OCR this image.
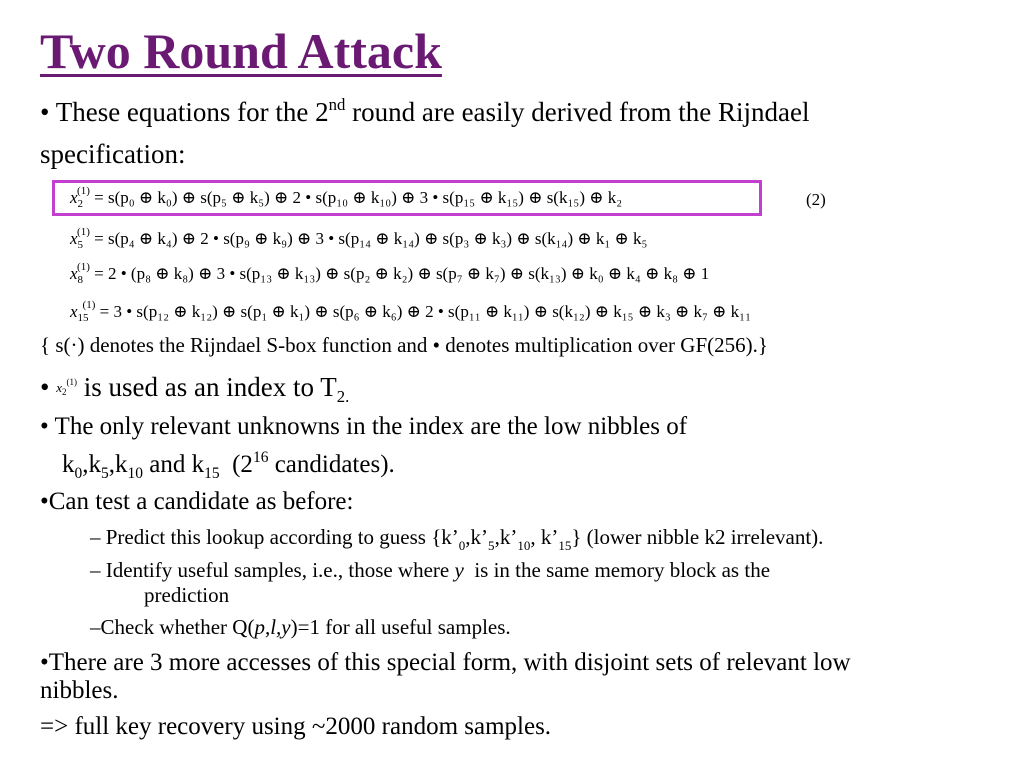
Two Round Attack
• These equations for the 2nd round are easily derived from the Rijndael
specification:
$x_2^{(1)} = s(p_0$ ⊕ k₀) ⊕ s(p₅ ⊕ k₅) ⊕ 2 • s(p₁₀ ⊕ k₁₀) ⊕ 3 • s(p₁₅ ⊕ k₁₅) ⊕ s(k₁₅) ⊕ k₂	(2)
$x_5^{(1)} = s(p_4$ ⊕ k₄) ⊕ 2 • s(p₉ ⊕ k₉) ⊕ 3 • s(p₁₄ ⊕ k₁₄) ⊕ s(p₃ ⊕ k₃) ⊕ s(k₁₄) ⊕ k₁ ⊕ k₅
$x_8^{(1)} = 2$ • (p₈ ⊕ k₈) ⊕ 3 • s(p₁₃ ⊕ k₁₃) ⊕ s(p₂ ⊕ k₂) ⊕ s(p₇ ⊕ k₇) ⊕ s(k₁₃) ⊕ k₀ ⊕ k₄ ⊕ k₈ ⊕ 1
$x_{15}^{(1)} = 3$ • s(p₁₂ ⊕ k₁₂) ⊕ s(p₁ ⊕ k₁) ⊕ s(p₆ ⊕ k₆) ⊕ 2 • s(p₁₁ ⊕ k₁₁) ⊕ s(k₁₂) ⊕ k₁₅ ⊕ k₃ ⊕ k₇ ⊕ k₁₁
{ s(·) denotes the Rijndael S-box function and • denotes multiplication over GF(256).}
• $x_2^{(1)}$ is used as an index to $T_{2.}$
• The only relevant unknowns in the index are the low nibbles of
$k_0,k_5,k_{10}$ and $k_{15}$  ($2^{16}$ candidates).
•Can test a candidate as before:
– Predict this lookup according to guess {$k’_0,k’_5,k’_{10}$, $k’_{15}$} (lower nibble k2 irrelevant).
– Identify useful samples, i.e., those where y  is in the same memory block as the
prediction
–Check whether Q(p,l,y)=1 for all useful samples.
•There are 3 more accesses of this special form, with disjoint sets of relevant low
nibbles.
=> full key recovery using ~2000 random samples.
